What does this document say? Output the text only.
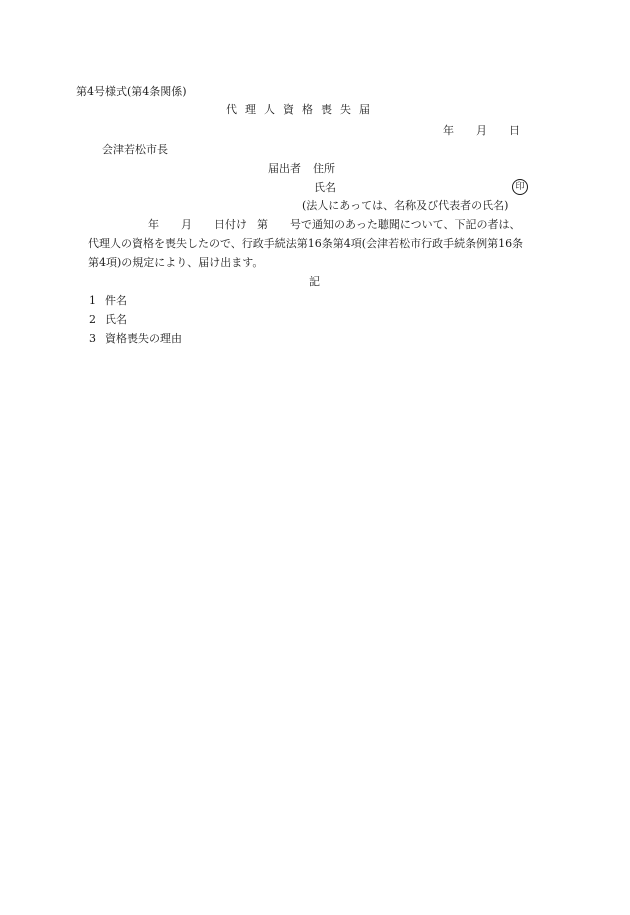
第4号様式(第4条関係)
代 理 人 資 格 喪 失 届
年 月 日
会津若松市長
届出者 住所
氏名	印
(法人にあっては、名称及び代表者の氏名)
年 月 日付け 第 号で通知のあった聴聞について、下記の者は、
代理人の資格を喪失したので、行政手続法第16条第4項(会津若松市行政手続条例第16条
第4項)の規定により、届け出ます。
記
1 件名
2 氏名
3 資格喪失の理由
